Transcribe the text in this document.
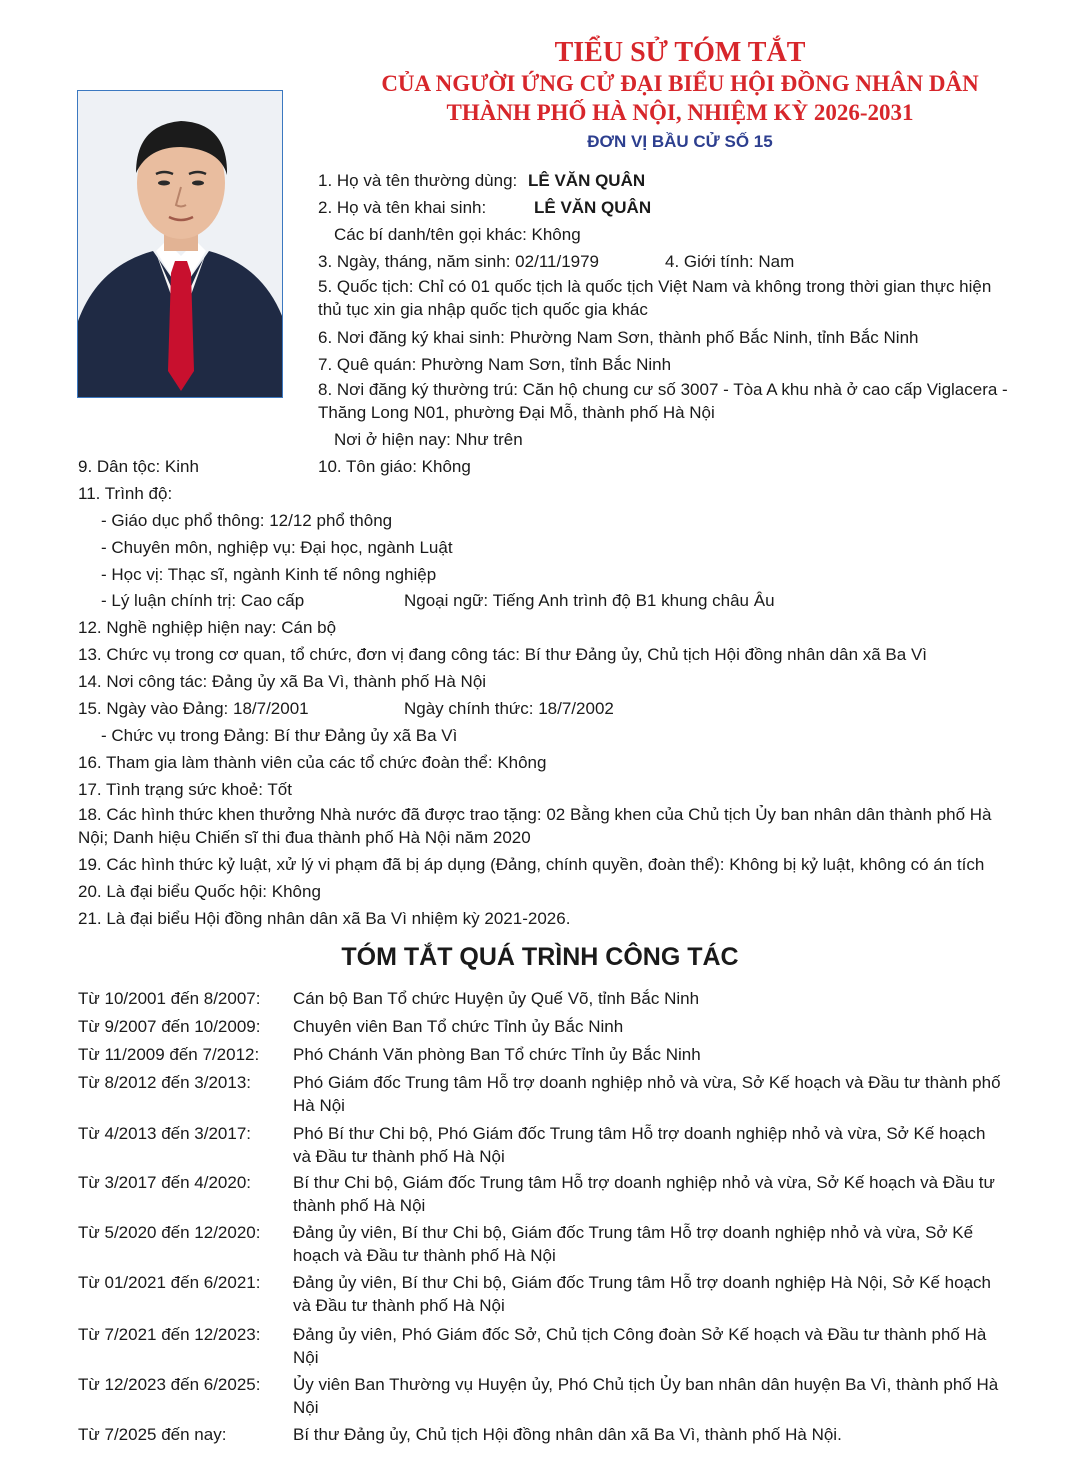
TIỂU SỬ TÓM TẮT
CỦA NGƯỜI ỨNG CỬ ĐẠI BIỂU HỘI ĐỒNG NHÂN DÂN
THÀNH PHỐ HÀ NỘI, NHIỆM KỲ 2026-2031
ĐƠN VỊ BẦU CỬ SỐ 15
1. Họ và tên thường dùng: LÊ VĂN QUÂN
2. Họ và tên khai sinh:	LÊ VĂN QUÂN
Các bí danh/tên gọi khác: Không
3. Ngày, tháng, năm sinh: 02/11/1979	4. Giới tính: Nam
5. Quốc tịch: Chỉ có 01 quốc tịch là quốc tịch Việt Nam và không trong thời gian thực hiện thủ tục xin gia nhập quốc tịch quốc gia khác
6. Nơi đăng ký khai sinh: Phường Nam Sơn, thành phố Bắc Ninh, tỉnh Bắc Ninh
7. Quê quán: Phường Nam Sơn, tỉnh Bắc Ninh
8. Nơi đăng ký thường trú: Căn hộ chung cư số 3007 - Tòa A khu nhà ở cao cấp Viglacera - Thăng Long N01, phường Đại Mỗ, thành phố Hà Nội
Nơi ở hiện nay: Như trên
9. Dân tộc: Kinh	10. Tôn giáo: Không
11. Trình độ:
- Giáo dục phổ thông: 12/12 phổ thông
- Chuyên môn, nghiệp vụ: Đại học, ngành Luật
- Học vị: Thạc sĩ, ngành Kinh tế nông nghiệp
- Lý luận chính trị: Cao cấp	Ngoại ngữ: Tiếng Anh trình độ B1 khung châu Âu
12. Nghề nghiệp hiện nay: Cán bộ
13. Chức vụ trong cơ quan, tổ chức, đơn vị đang công tác: Bí thư Đảng ủy, Chủ tịch Hội đồng nhân dân xã Ba Vì
14. Nơi công tác: Đảng ủy xã Ba Vì, thành phố Hà Nội
15. Ngày vào Đảng: 18/7/2001	Ngày chính thức: 18/7/2002
- Chức vụ trong Đảng: Bí thư Đảng ủy xã Ba Vì
16. Tham gia làm thành viên của các tổ chức đoàn thể: Không
17. Tình trạng sức khoẻ: Tốt
18. Các hình thức khen thưởng Nhà nước đã được trao tặng: 02 Bằng khen của Chủ tịch Ủy ban nhân dân thành phố Hà Nội; Danh hiệu Chiến sĩ thi đua thành phố Hà Nội năm 2020
19. Các hình thức kỷ luật, xử lý vi phạm đã bị áp dụng (Đảng, chính quyền, đoàn thể): Không bị kỷ luật, không có án tích
20. Là đại biểu Quốc hội: Không
21. Là đại biểu Hội đồng nhân dân xã Ba Vì nhiệm kỳ 2021-2026.
TÓM TẮT QUÁ TRÌNH CÔNG TÁC
Từ 10/2001 đến 8/2007: Cán bộ Ban Tổ chức Huyện ủy Quế Võ, tỉnh Bắc Ninh
Từ 9/2007 đến 10/2009: Chuyên viên Ban Tổ chức Tỉnh ủy Bắc Ninh
Từ 11/2009 đến 7/2012: Phó Chánh Văn phòng Ban Tổ chức Tỉnh ủy Bắc Ninh
Từ 8/2012 đến 3/2013: Phó Giám đốc Trung tâm Hỗ trợ doanh nghiệp nhỏ và vừa, Sở Kế hoạch và Đầu tư thành phố Hà Nội
Từ 4/2013 đến 3/2017: Phó Bí thư Chi bộ, Phó Giám đốc Trung tâm Hỗ trợ doanh nghiệp nhỏ và vừa, Sở Kế hoạch và Đầu tư thành phố Hà Nội
Từ 3/2017 đến 4/2020: Bí thư Chi bộ, Giám đốc Trung tâm Hỗ trợ doanh nghiệp nhỏ và vừa, Sở Kế hoạch và Đầu tư thành phố Hà Nội
Từ 5/2020 đến 12/2020: Đảng ủy viên, Bí thư Chi bộ, Giám đốc Trung tâm Hỗ trợ doanh nghiệp nhỏ và vừa, Sở Kế hoạch và Đầu tư thành phố Hà Nội
Từ 01/2021 đến 6/2021: Đảng ủy viên, Bí thư Chi bộ, Giám đốc Trung tâm Hỗ trợ doanh nghiệp Hà Nội, Sở Kế hoạch và Đầu tư thành phố Hà Nội
Từ 7/2021 đến 12/2023: Đảng ủy viên, Phó Giám đốc Sở, Chủ tịch Công đoàn Sở Kế hoạch và Đầu tư thành phố Hà Nội
Từ 12/2023 đến 6/2025: Ủy viên Ban Thường vụ Huyện ủy, Phó Chủ tịch Ủy ban nhân dân huyện Ba Vì, thành phố Hà Nội
Từ 7/2025 đến nay:	Bí thư Đảng ủy, Chủ tịch Hội đồng nhân dân xã Ba Vì, thành phố Hà Nội.
